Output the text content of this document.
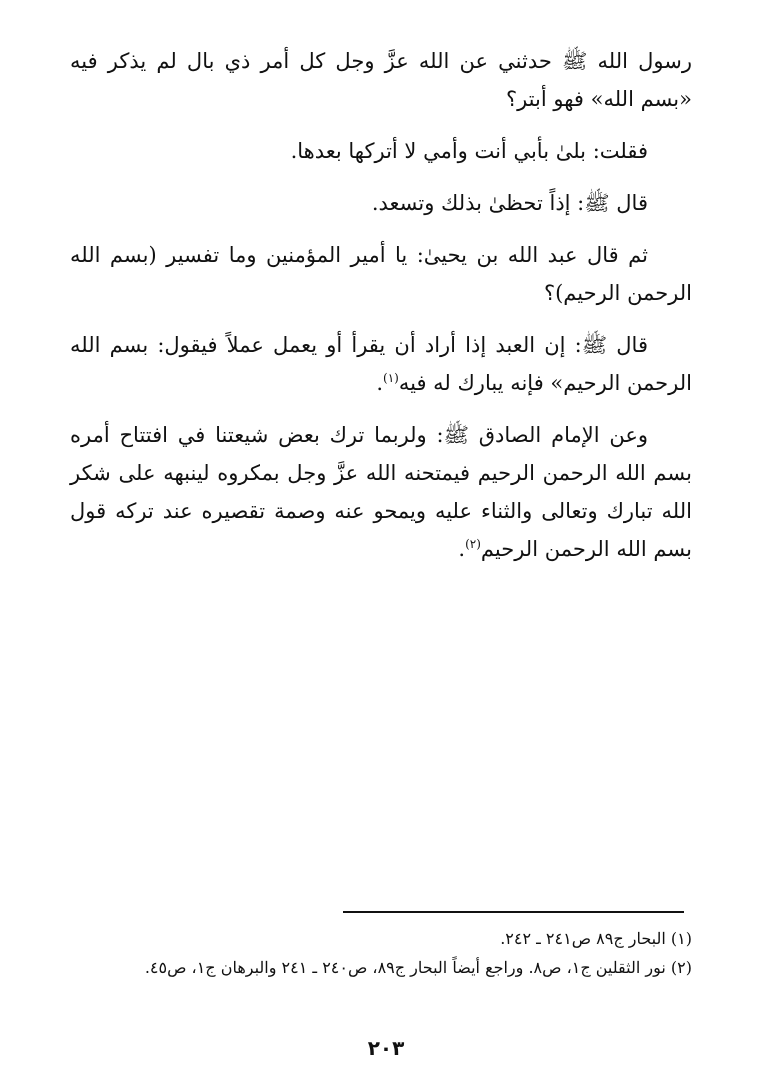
رسول الله ﷺ حدثني عن الله عزَّ وجل كل أمر ذي بال لم يذكر فيه «بسم الله» فهو أبتر؟

فقلت: بلىٰ بأبي أنت وأمي لا أتركها بعدها.

قال ﷺ: إذاً تحظىٰ بذلك وتسعد.

ثم قال عبد الله بن يحيىٰ: يا أمير المؤمنين وما تفسير (بسم الله الرحمن الرحيم)؟

قال ﷺ: إن العبد إذا أراد أن يقرأ أو يعمل عملاً فيقول: بسم الله الرحمن الرحيم» فإنه يبارك له فيه$^{(١)}$.

وعن الإمام الصادق ﷺ: ولربما ترك بعض شيعتنا في افتتاح أمره بسم الله الرحمن الرحيم فيمتحنه الله عزَّ وجل بمكروه لينبهه على شكر الله تبارك وتعالى والثناء عليه ويمحو عنه وصمة تقصيره عند تركه قول بسم الله الرحمن الرحيم$^{(٢)}$.

(١) البحار ج٨٩ ص٢٤١ ـ ٢٤٢.

(٢) نور الثقلين ج١، ص٨. وراجع أيضاً البحار ج٨٩، ص٢٤٠ ـ ٢٤١ والبرهان ج١، ص٤٥.

٢٠٣
